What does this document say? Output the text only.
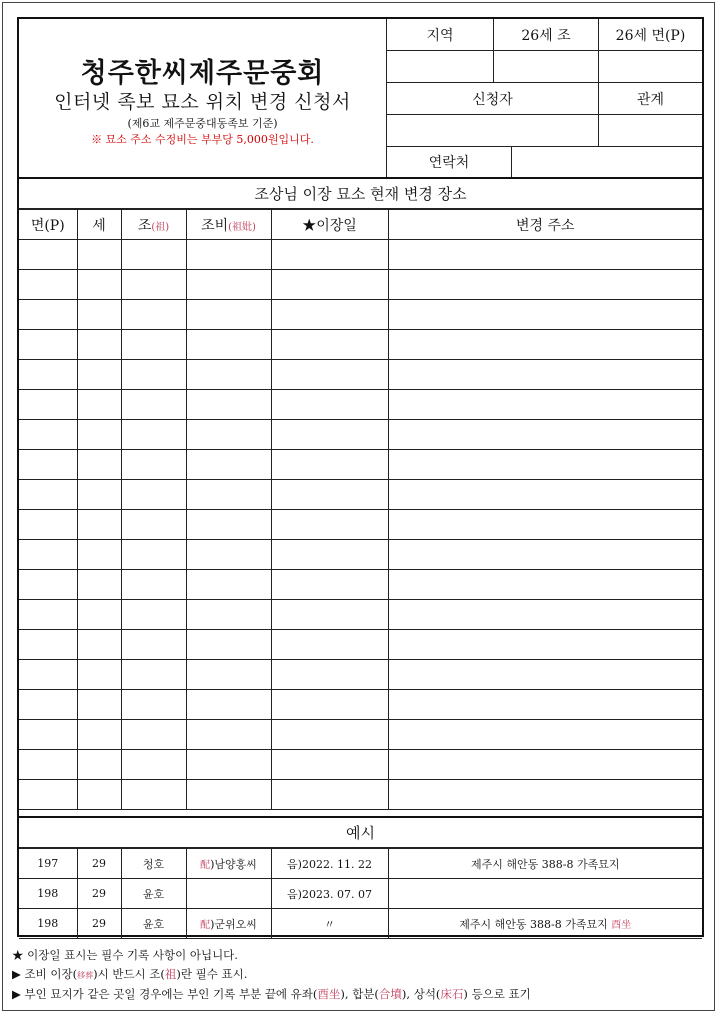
청주한씨제주문중회
인터넷 족보 묘소 위치 변경 신청서
(제6교 제주문중대동족보 기준)
※ 묘소 주소 수정비는 부부당 5,000원입니다.
지역	26세 조	26세 면(P)
신청자	관계
연락처
조상님 이장 묘소 현재 변경 장소
면(P)	세	조(祖)	조비(祖妣)	★이장일	변경 주소

예시
197	29	청호	配)남양홍씨	음)2022. 11. 22	제주시 해안동 388-8 가족묘지
198	29	윤호		음)2023. 07. 07	
198	29	윤호	配)군위오씨	〃	제주시 해안동 388-8 가족묘지 酉坐
★ 이장일 표시는 필수 기록 사항이 아닙니다.
▶ 조비 이장(移葬)시 반드시 조(祖)란 필수 표시.
▶ 부인 묘지가 같은 곳일 경우에는 부인 기록 부분 끝에 유좌(酉坐), 합분(合墳), 상석(床石) 등으로 표기
